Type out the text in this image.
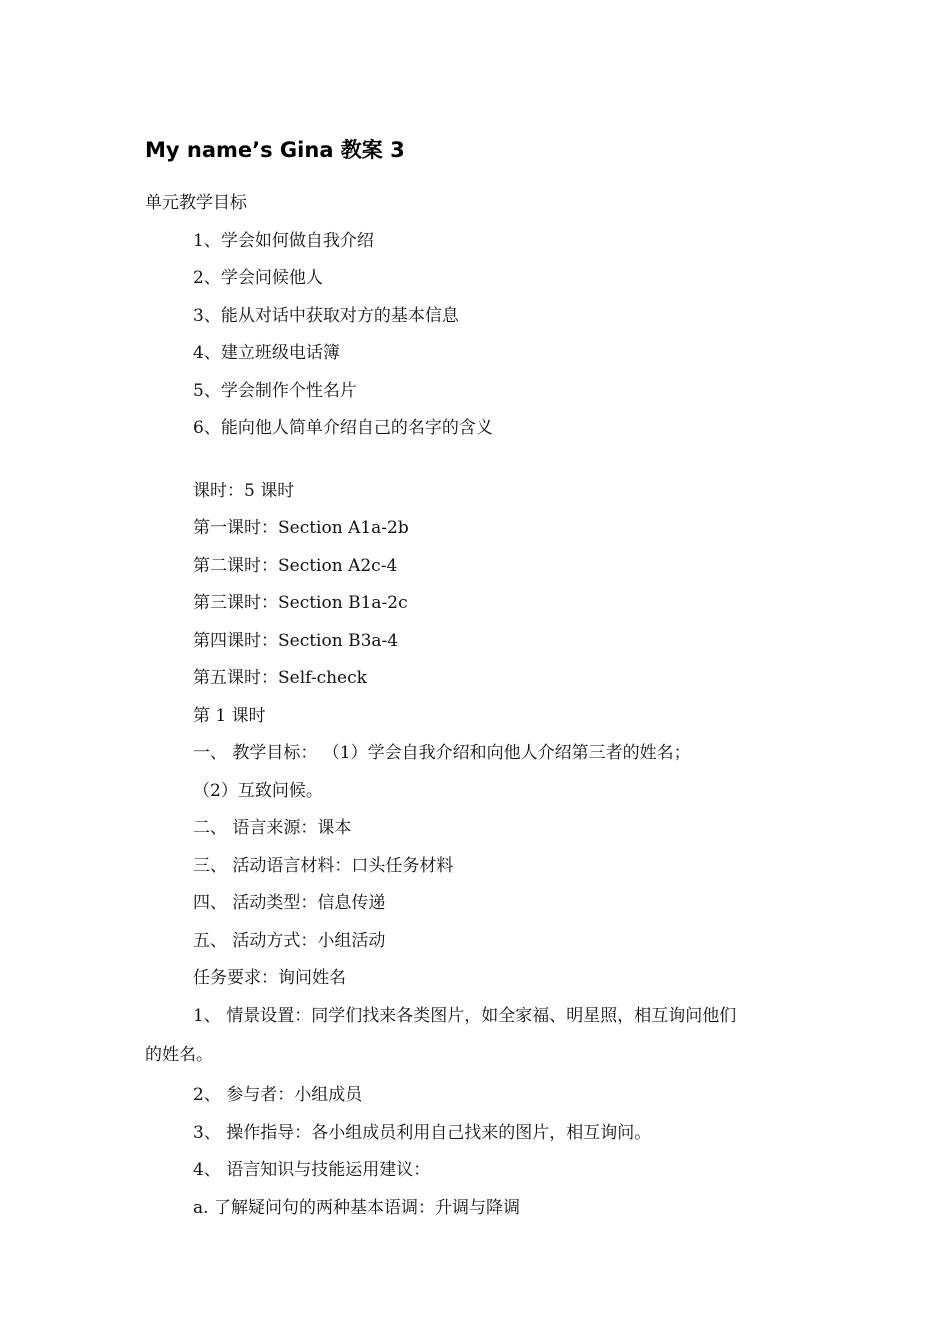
My name’s Gina 教案 3

单元教学目标

1、学会如何做自我介绍

2、学会问候他人

3、能从对话中获取对方的基本信息

4、建立班级电话簿

5、学会制作个性名片

6、能向他人简单介绍自己的名字的含义

课时：5 课时

第一课时：Section A1a-2b

第二课时：Section A2c-4

第三课时：Section B1a-2c

第四课时：Section B3a-4

第五课时：Self-check

第 1 课时

一、 教学目标： （1）学会自我介绍和向他人介绍第三者的姓名；

（2）互致问候。

二、 语言来源：课本

三、 活动语言材料：口头任务材料

四、 活动类型：信息传递

五、 活动方式：小组活动

任务要求：询问姓名

1、 情景设置：同学们找来各类图片，如全家福、明星照，相互询问他们

的姓名。

2、 参与者：小组成员

3、 操作指导：各小组成员利用自己找来的图片，相互询问。

4、 语言知识与技能运用建议：

a. 了解疑问句的两种基本语调：升调与降调
